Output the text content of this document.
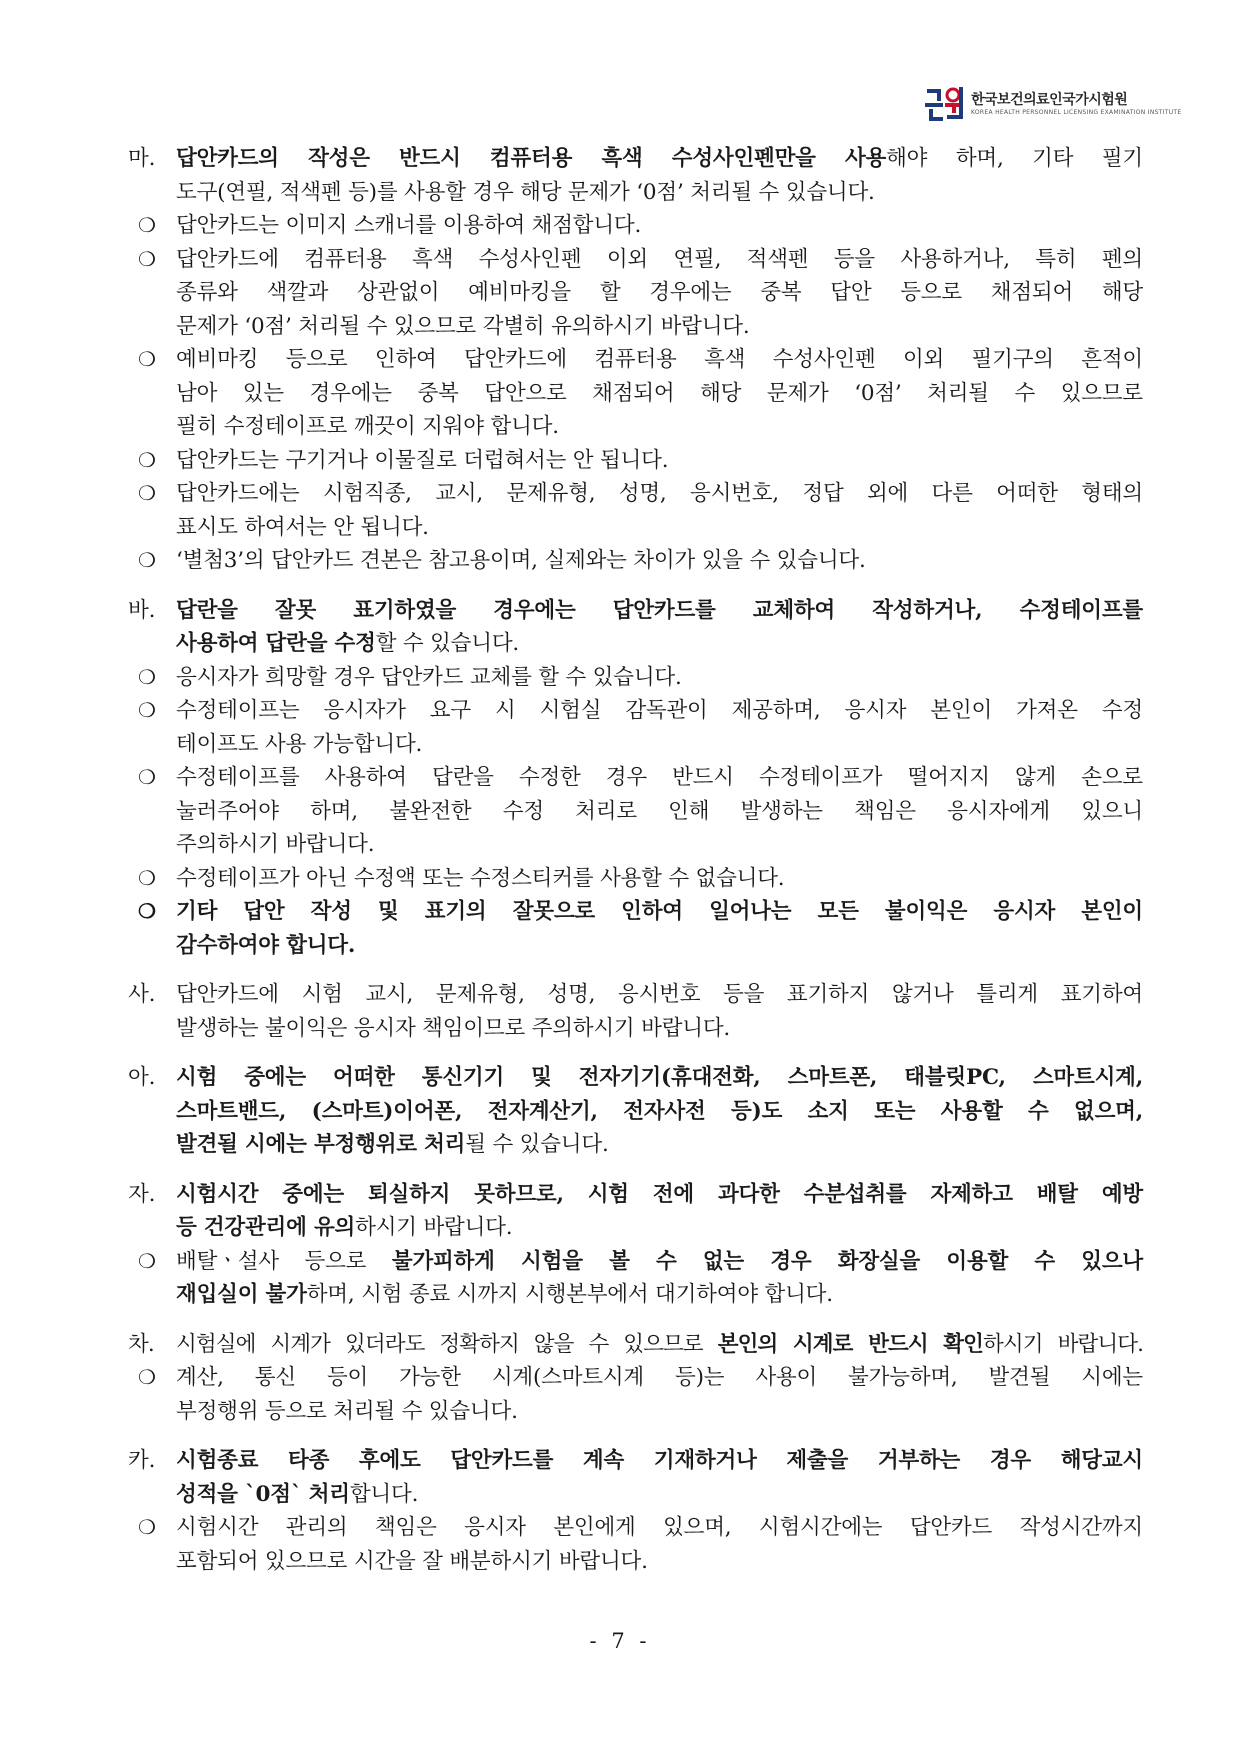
한국보건의료인국가시험원
KOREA HEALTH PERSONNEL LICENSING EXAMINATION INSTITUTE
마. 답안카드의 작성은 반드시 컴퓨터용 흑색 수성사인펜만을 사용해야 하며, 기타 필기
도구(연필, 적색펜 등)를 사용할 경우 해당 문제가 ‘0점’ 처리될 수 있습니다.
❍ 답안카드는 이미지 스캐너를 이용하여 채점합니다.
❍ 답안카드에 컴퓨터용 흑색 수성사인펜 이외 연필, 적색펜 등을 사용하거나, 특히 펜의
종류와 색깔과 상관없이 예비마킹을 할 경우에는 중복 답안 등으로 채점되어 해당
문제가 ‘0점’ 처리될 수 있으므로 각별히 유의하시기 바랍니다.
❍ 예비마킹 등으로 인하여 답안카드에 컴퓨터용 흑색 수성사인펜 이외 필기구의 흔적이
남아 있는 경우에는 중복 답안으로 채점되어 해당 문제가 ‘0점’ 처리될 수 있으므로
필히 수정테이프로 깨끗이 지워야 합니다.
❍ 답안카드는 구기거나 이물질로 더럽혀서는 안 됩니다.
❍ 답안카드에는 시험직종, 교시, 문제유형, 성명, 응시번호, 정답 외에 다른 어떠한 형태의
표시도 하여서는 안 됩니다.
❍ ‘별첨3’의 답안카드 견본은 참고용이며, 실제와는 차이가 있을 수 있습니다.
바. 답란을 잘못 표기하였을 경우에는 답안카드를 교체하여 작성하거나, 수정테이프를
사용하여 답란을 수정할 수 있습니다.
❍ 응시자가 희망할 경우 답안카드 교체를 할 수 있습니다.
❍ 수정테이프는 응시자가 요구 시 시험실 감독관이 제공하며, 응시자 본인이 가져온 수정
테이프도 사용 가능합니다.
❍ 수정테이프를 사용하여 답란을 수정한 경우 반드시 수정테이프가 떨어지지 않게 손으로
눌러주어야 하며, 불완전한 수정 처리로 인해 발생하는 책임은 응시자에게 있으니
주의하시기 바랍니다.
❍ 수정테이프가 아닌 수정액 또는 수정스티커를 사용할 수 없습니다.
❍ 기타 답안 작성 및 표기의 잘못으로 인하여 일어나는 모든 불이익은 응시자 본인이
감수하여야 합니다.
사. 답안카드에 시험 교시, 문제유형, 성명, 응시번호 등을 표기하지 않거나 틀리게 표기하여
발생하는 불이익은 응시자 책임이므로 주의하시기 바랍니다.
아. 시험 중에는 어떠한 통신기기 및 전자기기(휴대전화, 스마트폰, 태블릿PC, 스마트시계,
스마트밴드, (스마트)이어폰, 전자계산기, 전자사전 등)도 소지 또는 사용할 수 없으며,
발견될 시에는 부정행위로 처리될 수 있습니다.
자. 시험시간 중에는 퇴실하지 못하므로, 시험 전에 과다한 수분섭취를 자제하고 배탈 예방
등 건강관리에 유의하시기 바랍니다.
❍ 배탈ㆍ설사 등으로 불가피하게 시험을 볼 수 없는 경우 화장실을 이용할 수 있으나
재입실이 불가하며, 시험 종료 시까지 시행본부에서 대기하여야 합니다.
차.	시험실에 시계가 있더라도 정확하지 않을 수 있으므로 본인의 시계로 반드시 확인하시기 바랍니다.
❍ 계산, 통신 등이 가능한 시계(스마트시계 등)는 사용이 불가능하며, 발견될 시에는
부정행위 등으로 처리될 수 있습니다.
카. 시험종료 타종 후에도 답안카드를 계속 기재하거나 제출을 거부하는 경우 해당교시
성적을 `0점` 처리합니다.
❍ 시험시간 관리의 책임은 응시자 본인에게 있으며, 시험시간에는 답안카드 작성시간까지
포함되어 있으므로 시간을 잘 배분하시기 바랍니다.
- 7 -
